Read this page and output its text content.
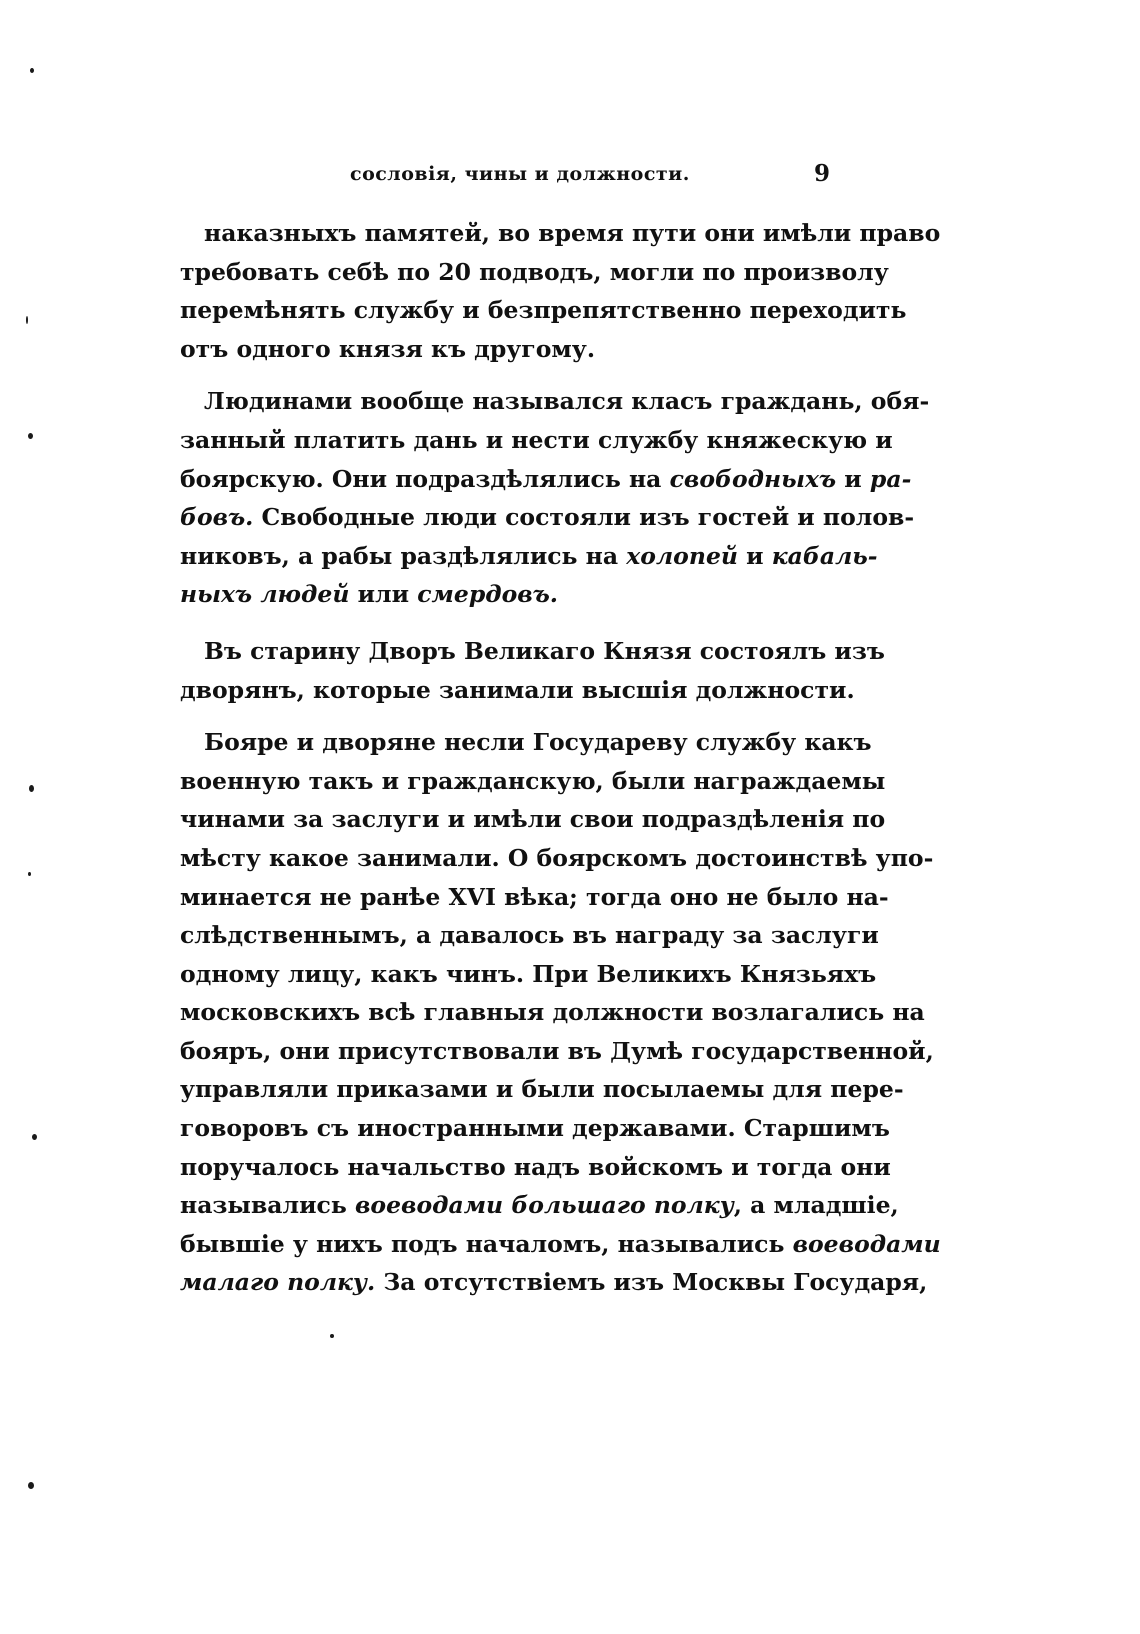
сословія, чины и должности.	9
наказныхъ памятей, во время пути они имѣли право
требовать себѣ по 20 подводъ, могли по произволу
перемѣнять службу и безпрепятственно переходить
отъ одного князя къ другому.
Людинами вообще назывался класъ граждань, обя-
занный платить дань и нести службу княжескую и
боярскую. Они подраздѣлялись на свободныхъ и ра-
бовъ. Свободные люди состояли изъ гостей и полов-
никовъ, а рабы раздѣлялись на холопей и кабаль-
ныхъ людей или смердовъ.
Въ старину Дворъ Великаго Князя состоялъ изъ
дворянъ, которые занимали высшія должности.
Бояре и дворяне несли Государеву службу какъ
военную такъ и гражданскую, были награждаемы
чинами за заслуги и имѣли свои подраздѣленія по
мѣсту какое занимали. О боярскомъ достоинствѣ упо-
минается не ранѣе XVI вѣка; тогда оно не было на-
слѣдственнымъ, а давалось въ награду за заслуги
одному лицу, какъ чинъ. При Великихъ Князьяхъ
московскихъ всѣ главныя должности возлагались на
бояръ, они присутствовали въ Думѣ государственной,
управляли приказами и были посылаемы для пере-
говоровъ съ иностранными державами. Старшимъ
поручалось начальство надъ войскомъ и тогда они
назывались воеводами большаго полку, а младшіе,
бывшіе у нихъ подъ началомъ, назывались воеводами
малаго полку. За отсутствіемъ изъ Москвы Государя,
